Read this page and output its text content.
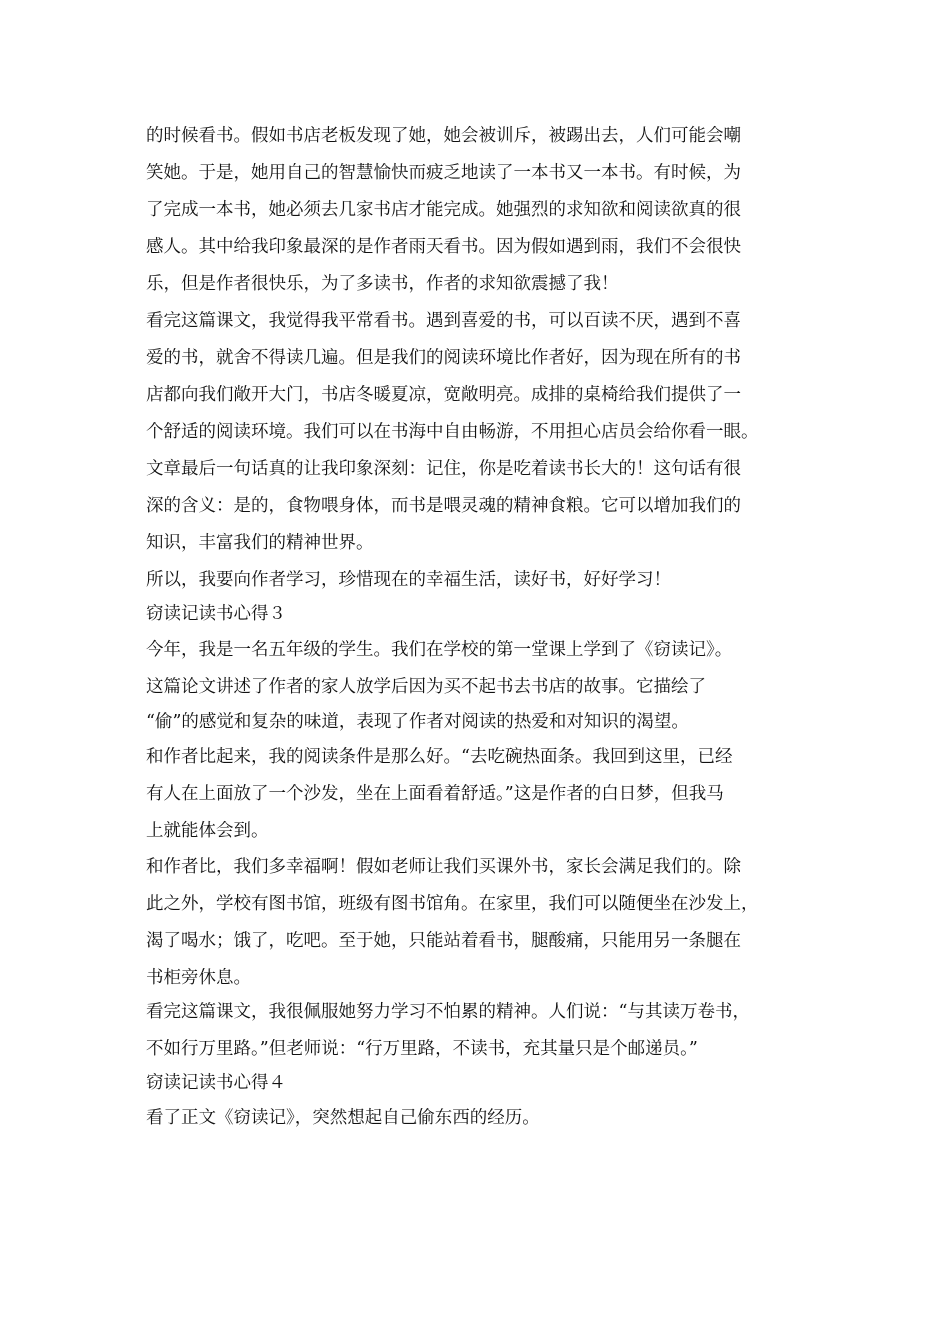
的时候看书。假如书店老板发现了她，她会被训斥，被踢出去，人们可能会嘲
笑她。于是，她用自己的智慧愉快而疲乏地读了一本书又一本书。有时候，为
了完成一本书，她必须去几家书店才能完成。她强烈的求知欲和阅读欲真的很
感人。其中给我印象最深的是作者雨天看书。因为假如遇到雨，我们不会很快
乐，但是作者很快乐，为了多读书，作者的求知欲震撼了我！
看完这篇课文，我觉得我平常看书。遇到喜爱的书，可以百读不厌，遇到不喜
爱的书，就舍不得读几遍。但是我们的阅读环境比作者好，因为现在所有的书
店都向我们敞开大门，书店冬暖夏凉，宽敞明亮。成排的桌椅给我们提供了一
个舒适的阅读环境。我们可以在书海中自由畅游，不用担心店员会给你看一眼。
文章最后一句话真的让我印象深刻：记住，你是吃着读书长大的！这句话有很
深的含义：是的，食物喂身体，而书是喂灵魂的精神食粮。它可以增加我们的
知识，丰富我们的精神世界。
所以，我要向作者学习，珍惜现在的幸福生活，读好书，好好学习！
窃读记读书心得３
今年，我是一名五年级的学生。我们在学校的第一堂课上学到了《窃读记》。
这篇论文讲述了作者的家人放学后因为买不起书去书店的故事。它描绘了
“偷”的感觉和复杂的味道，表现了作者对阅读的热爱和对知识的渴望。
和作者比起来，我的阅读条件是那么好。“去吃碗热面条。我回到这里，已经
有人在上面放了一个沙发，坐在上面看着舒适。”这是作者的白日梦，但我马
上就能体会到。
和作者比，我们多幸福啊！假如老师让我们买课外书，家长会满足我们的。除
此之外，学校有图书馆，班级有图书馆角。在家里，我们可以随便坐在沙发上，
渴了喝水；饿了，吃吧。至于她，只能站着看书，腿酸痛，只能用另一条腿在
书柜旁休息。
看完这篇课文，我很佩服她努力学习不怕累的精神。人们说：“与其读万卷书，
不如行万里路。”但老师说：“行万里路，不读书，充其量只是个邮递员。”
窃读记读书心得４
看了正文《窃读记》，突然想起自己偷东西的经历。
